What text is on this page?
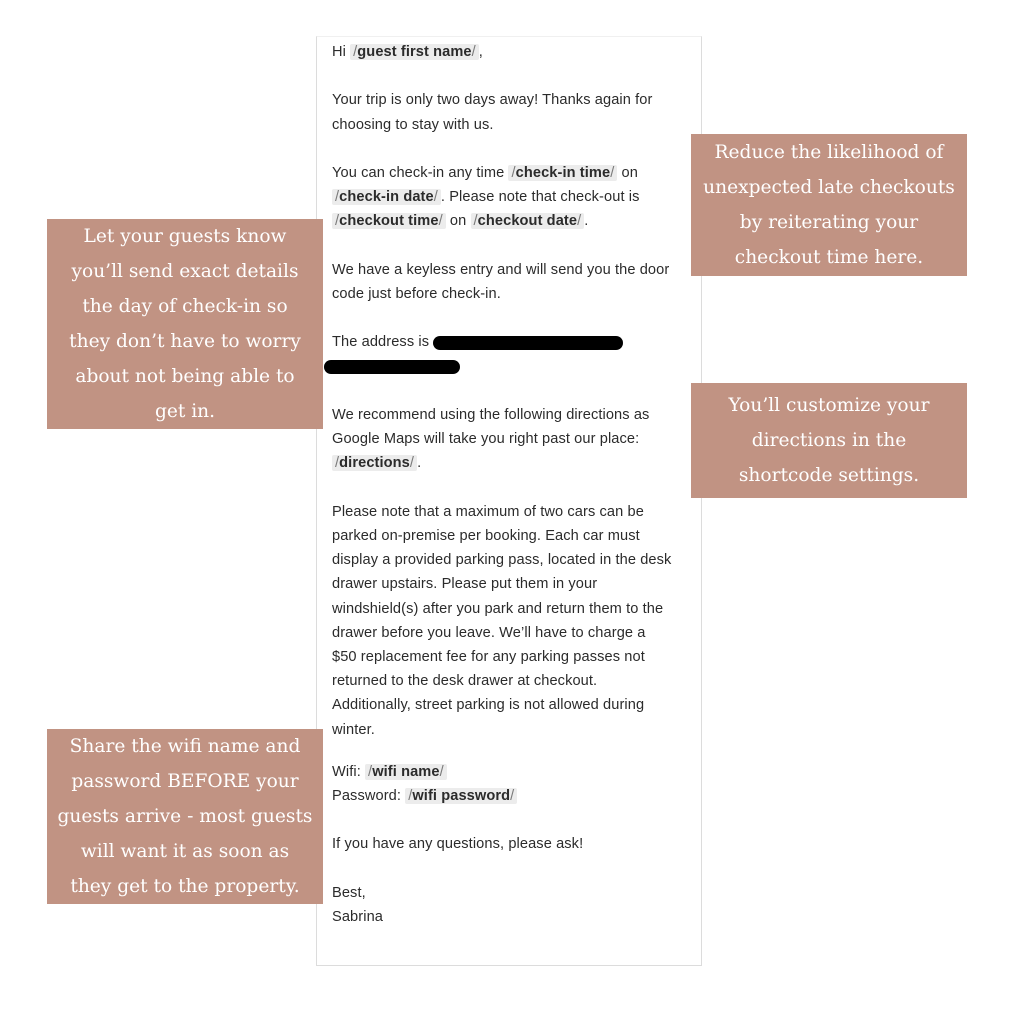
Hi /guest first name/ ,

Your trip is only two days away! Thanks again for choosing to stay with us.

You can check-in any time /check-in time/ on /check-in date/ . Please note that check-out is /checkout time/ on /checkout date/ .

We have a keyless entry and will send you the door code just before check-in.

The address is

We recommend using the following directions as Google Maps will take you right past our place: /directions/ .

Please note that a maximum of two cars can be parked on-premise per booking. Each car must display a provided parking pass, located in the desk drawer upstairs. Please put them in your windshield(s) after you park and return them to the drawer before you leave. We’ll have to charge a $50 replacement fee for any parking passes not returned to the desk drawer at checkout. Additionally, street parking is not allowed during winter.

Wifi: /wifi name/
Password: /wifi password/

If you have any questions, please ask!

Best,
Sabrina

Reduce the likelihood of
unexpected late checkouts
by reiterating your
checkout time here.
Let your guests know
you’ll send exact details
the day of check-in so
they don’t have to worry
about not being able to
get in.	You’ll customize your
directions in the
shortcode settings.
Share the wifi name and
password BEFORE your
guests arrive - most guests
will want it as soon as
they get to the property.
